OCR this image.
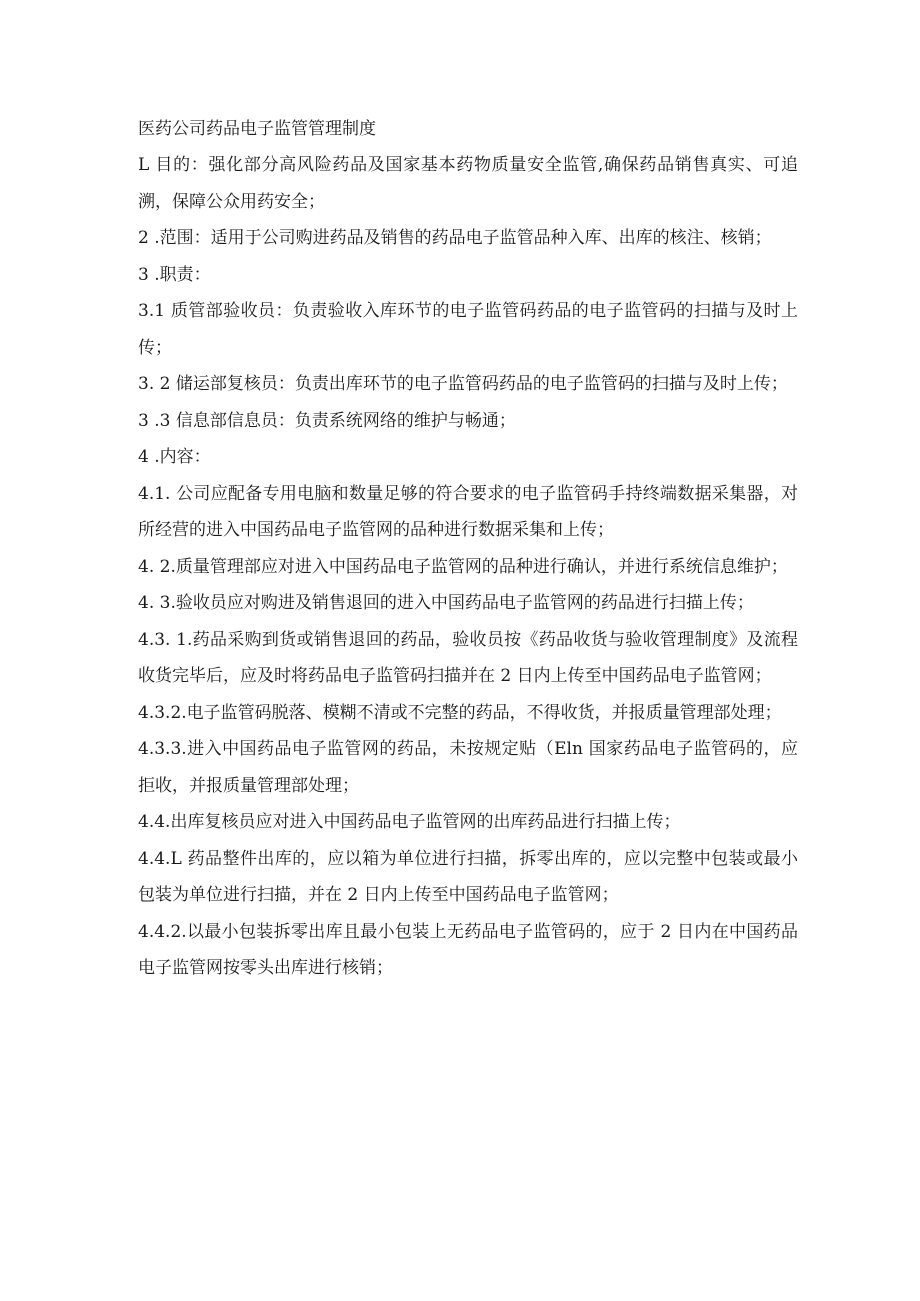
医药公司药品电子监管管理制度

L 目的：强化部分高风险药品及国家基本药物质量安全监管,确保药品销售真实、可追溯，保障公众用药安全；

2 .范围：适用于公司购进药品及销售的药品电子监管品种入库、出库的核注、核销；

3 .职责：

3.1 质管部验收员：负责验收入库环节的电子监管码药品的电子监管码的扫描与及时上传；

3. 2 储运部复核员：负责出库环节的电子监管码药品的电子监管码的扫描与及时上传；

3 .3 信息部信息员：负责系统网络的维护与畅通；

4 .内容：

4.1. 公司应配备专用电脑和数量足够的符合要求的电子监管码手持终端数据采集器，对所经营的进入中国药品电子监管网的品种进行数据采集和上传；

4. 2.质量管理部应对进入中国药品电子监管网的品种进行确认，并进行系统信息维护；

4. 3.验收员应对购进及销售退回的进入中国药品电子监管网的药品进行扫描上传；

4.3. 1.药品采购到货或销售退回的药品，验收员按《药品收货与验收管理制度》及流程收货完毕后，应及时将药品电子监管码扫描并在 2 日内上传至中国药品电子监管网；

4.3.2.电子监管码脱落、模糊不清或不完整的药品，不得收货，并报质量管理部处理；

4.3.3.进入中国药品电子监管网的药品，未按规定贴（Eln 国家药品电子监管码的，应拒收，并报质量管理部处理；

4.4.出库复核员应对进入中国药品电子监管网的出库药品进行扫描上传；

4.4.L 药品整件出库的，应以箱为单位进行扫描，拆零出库的，应以完整中包装或最小包装为单位进行扫描，并在 2 日内上传至中国药品电子监管网；

4.4.2.以最小包装拆零出库且最小包装上无药品电子监管码的，应于 2 日内在中国药品电子监管网按零头出库进行核销；
